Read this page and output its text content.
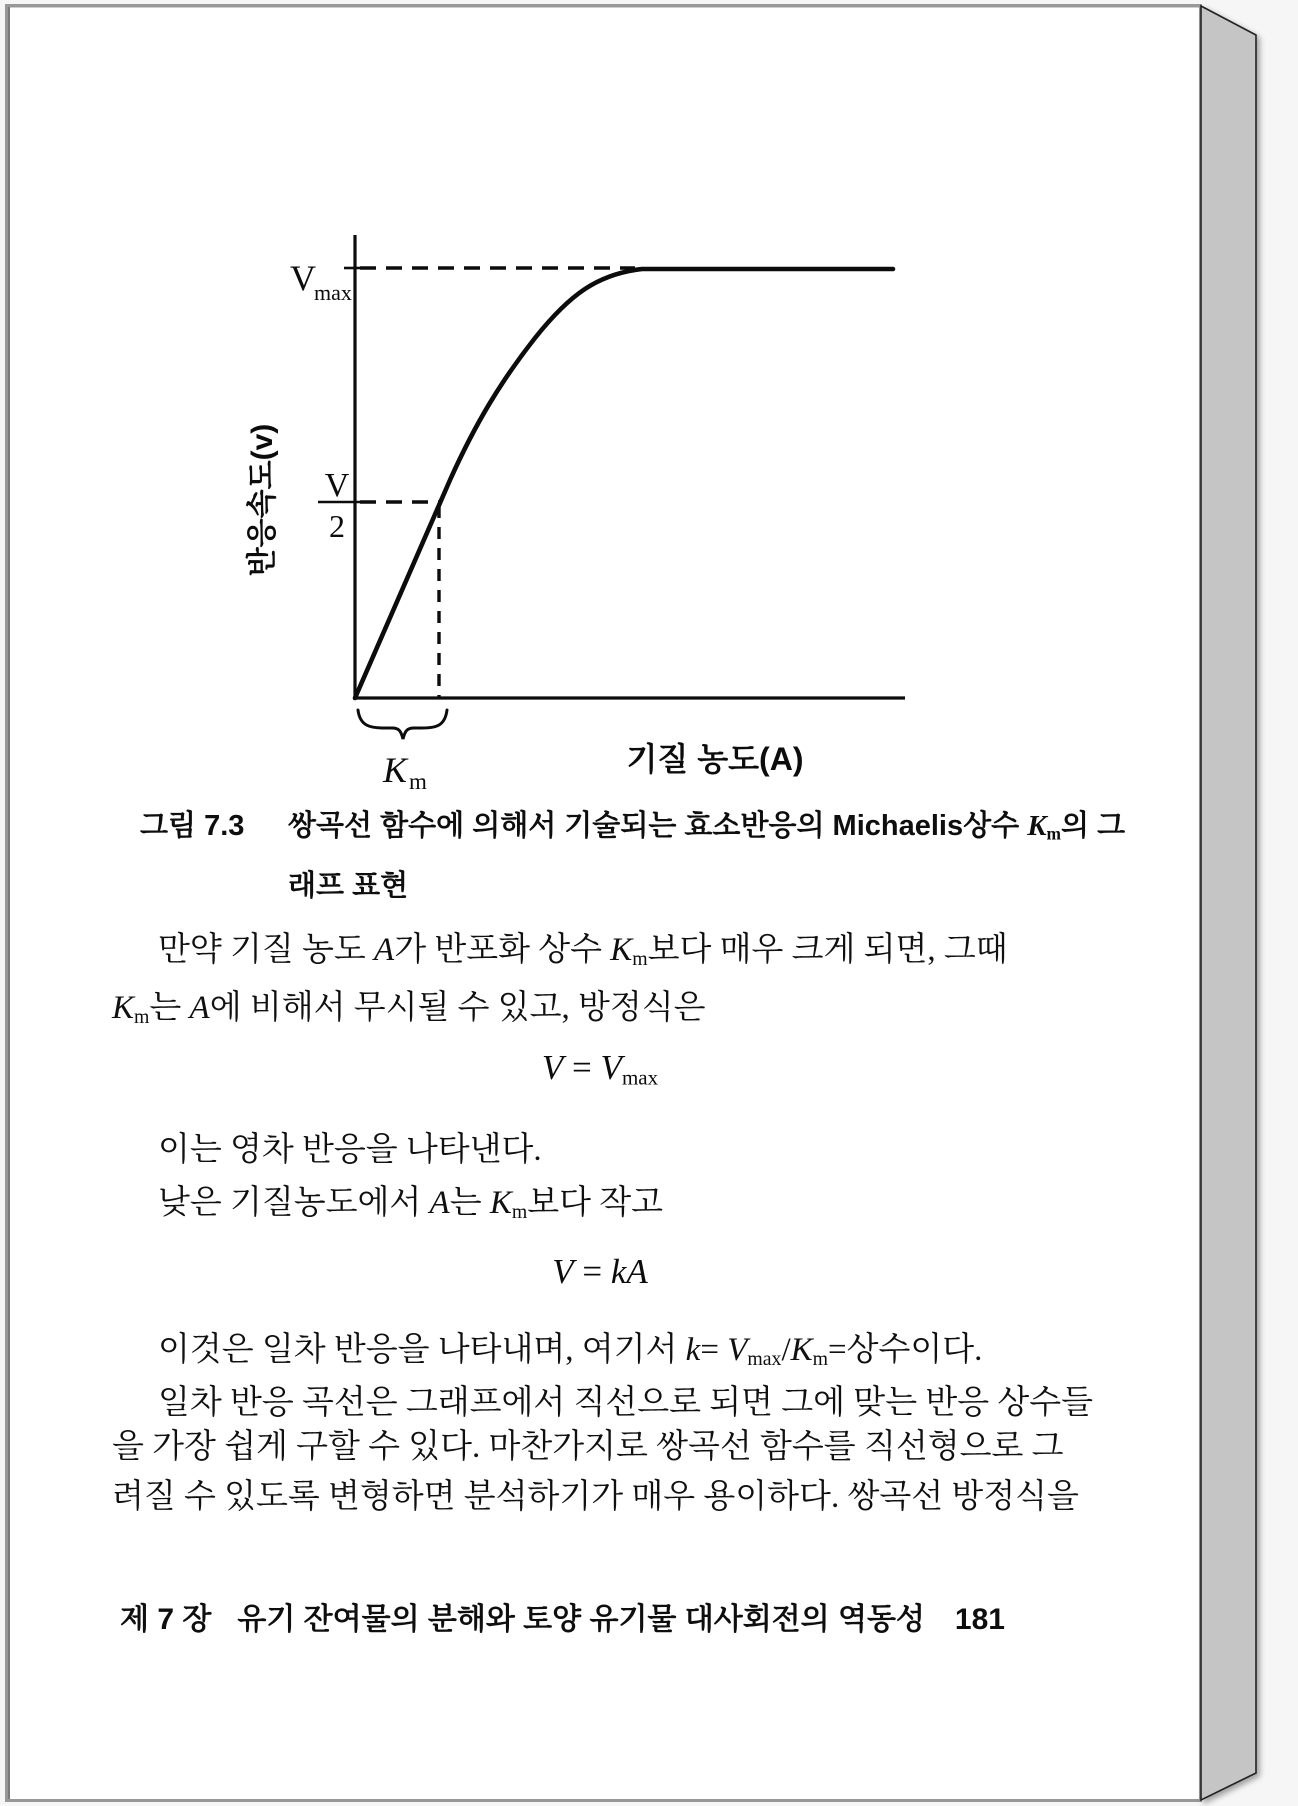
V
max
V
2
반응속도(v)
기질 농도(A)
K m
그림 7.3	쌍곡선 함수에 의해서 기술되는 효소반응의 Michaelis상수 Km의 그래프 표현
만약 기질 농도 A가 반포화 상수 Km보다 매우 크게 되면, 그때
Km는 A에 비해서 무시될 수 있고, 방정식은
V = Vmax
이는 영차 반응을 나타낸다.
낮은 기질농도에서 A는 Km보다 작고
V = kA
이것은 일차 반응을 나타내며, 여기서 k= Vmax/Km=상수이다.
일차 반응 곡선은 그래프에서 직선으로 되면 그에 맞는 반응 상수들
을 가장 쉽게 구할 수 있다. 마찬가지로 쌍곡선 함수를 직선형으로 그
려질 수 있도록 변형하면 분석하기가 매우 용이하다. 쌍곡선 방정식을
제 7 장 유기 잔여물의 분해와 토양 유기물 대사회전의 역동성 181
